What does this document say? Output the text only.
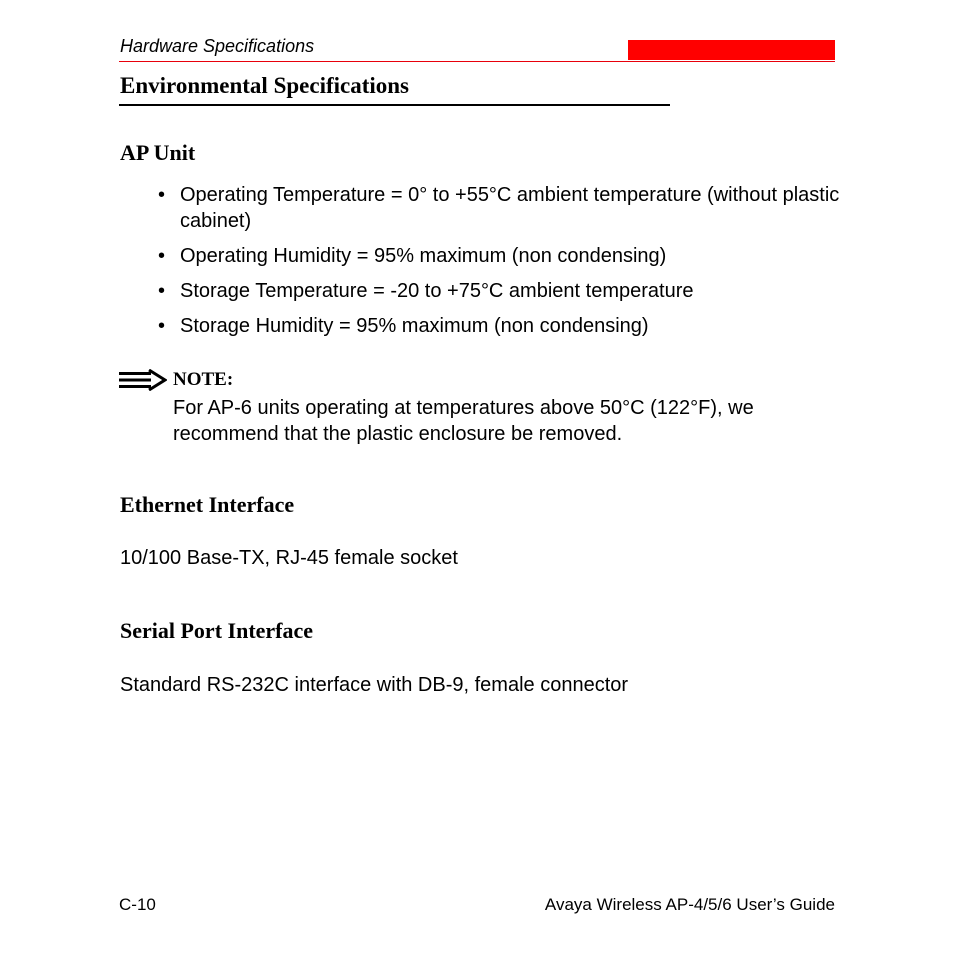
Hardware Specifications
Environmental Specifications
AP Unit
• Operating Temperature = 0° to +55°C ambient temperature (without plastic cabinet)
• Operating Humidity = 95% maximum (non condensing)
• Storage Temperature = -20 to +75°C ambient temperature
• Storage Humidity = 95% maximum (non condensing)
NOTE:
For AP-6 units operating at temperatures above 50°C (122°F), we recommend that the plastic enclosure be removed.
Ethernet Interface
10/100 Base-TX, RJ-45 female socket
Serial Port Interface
Standard RS-232C interface with DB-9, female connector
C-10	Avaya Wireless AP-4/5/6 User’s Guide
